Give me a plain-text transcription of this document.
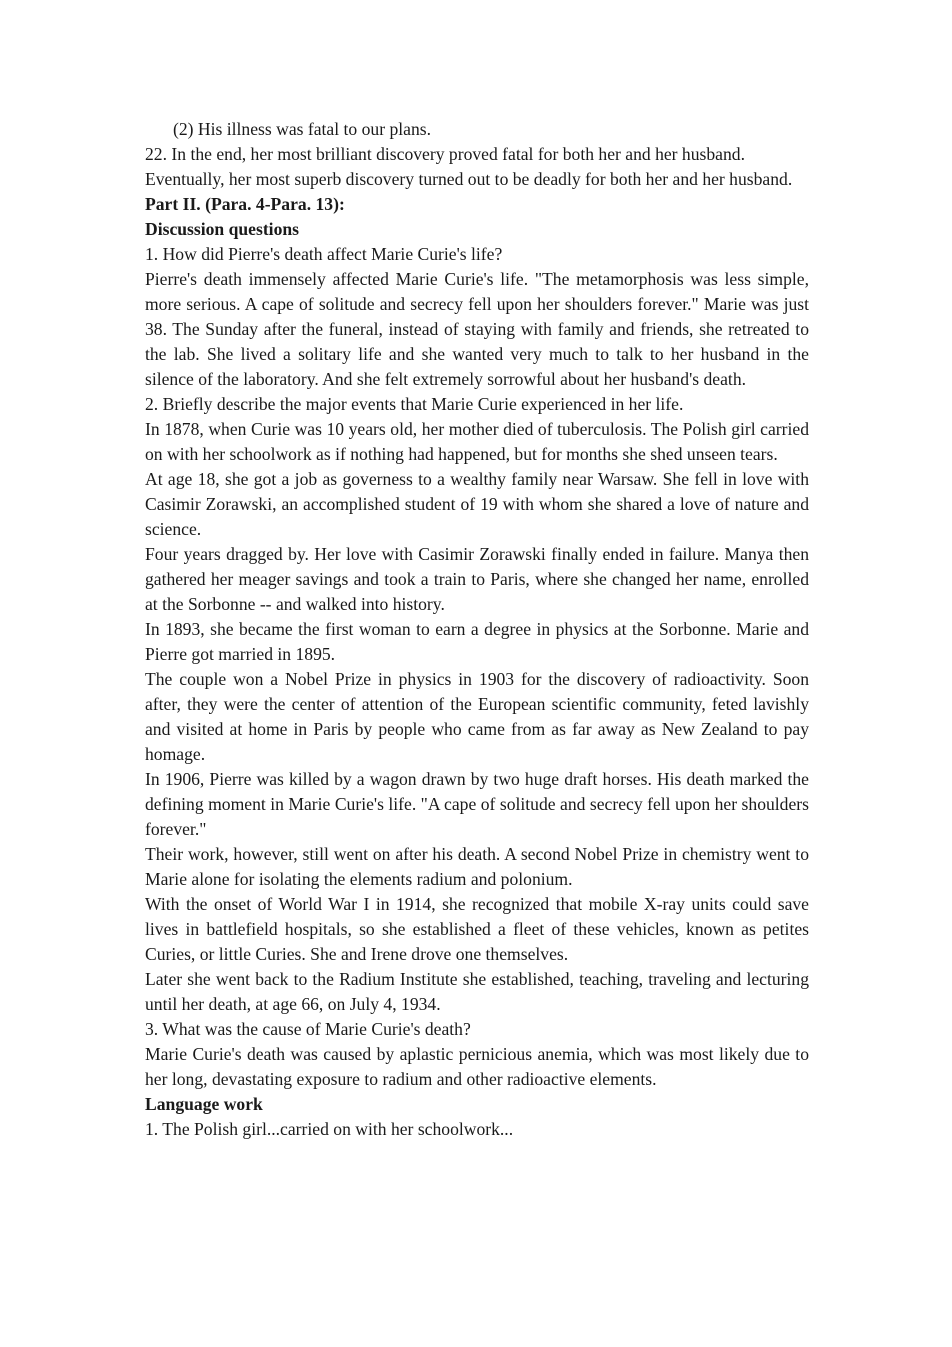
(2) His illness was fatal to our plans.

22. In the end, her most brilliant discovery proved fatal for both her and her husband.

Eventually, her most superb discovery turned out to be deadly for both her and her husband.

Part II. (Para. 4-Para. 13):

Discussion questions

1. How did Pierre's death affect Marie Curie's life?

Pierre's death immensely affected Marie Curie's life. "The metamorphosis was less simple, more serious. A cape of solitude and secrecy fell upon her shoulders forever." Marie was just 38. The Sunday after the funeral, instead of staying with family and friends, she retreated to the lab. She lived a solitary life and she wanted very much to talk to her husband in the silence of the laboratory. And she felt extremely sorrowful about her husband's death.

2. Briefly describe the major events that Marie Curie experienced in her life.

In 1878, when Curie was 10 years old, her mother died of tuberculosis. The Polish girl carried on with her schoolwork as if nothing had happened, but for months she shed unseen tears.

At age 18, she got a job as governess to a wealthy family near Warsaw. She fell in love with Casimir Zorawski, an accomplished student of 19 with whom she shared a love of nature and science.

Four years dragged by. Her love with Casimir Zorawski finally ended in failure. Manya then gathered her meager savings and took a train to Paris, where she changed her name, enrolled at the Sorbonne -- and walked into history.

In 1893, she became the first woman to earn a degree in physics at the Sorbonne. Marie and Pierre got married in 1895.

The couple won a Nobel Prize in physics in 1903 for the discovery of radioactivity. Soon after, they were the center of attention of the European scientific community, feted lavishly and visited at home in Paris by people who came from as far away as New Zealand to pay homage.

In 1906, Pierre was killed by a wagon drawn by two huge draft horses. His death marked the defining moment in Marie Curie's life. "A cape of solitude and secrecy fell upon her shoulders forever."

Their work, however, still went on after his death. A second Nobel Prize in chemistry went to Marie alone for isolating the elements radium and polonium.

With the onset of World War I in 1914, she recognized that mobile X-ray units could save lives in battlefield hospitals, so she established a fleet of these vehicles, known as petites Curies, or little Curies. She and Irene drove one themselves.

Later she went back to the Radium Institute she established, teaching, traveling and lecturing until her death, at age 66, on July 4, 1934.

3. What was the cause of Marie Curie's death?

Marie Curie's death was caused by aplastic pernicious anemia, which was most likely due to her long, devastating exposure to radium and other radioactive elements.

Language work

1. The Polish girl...carried on with her schoolwork...
